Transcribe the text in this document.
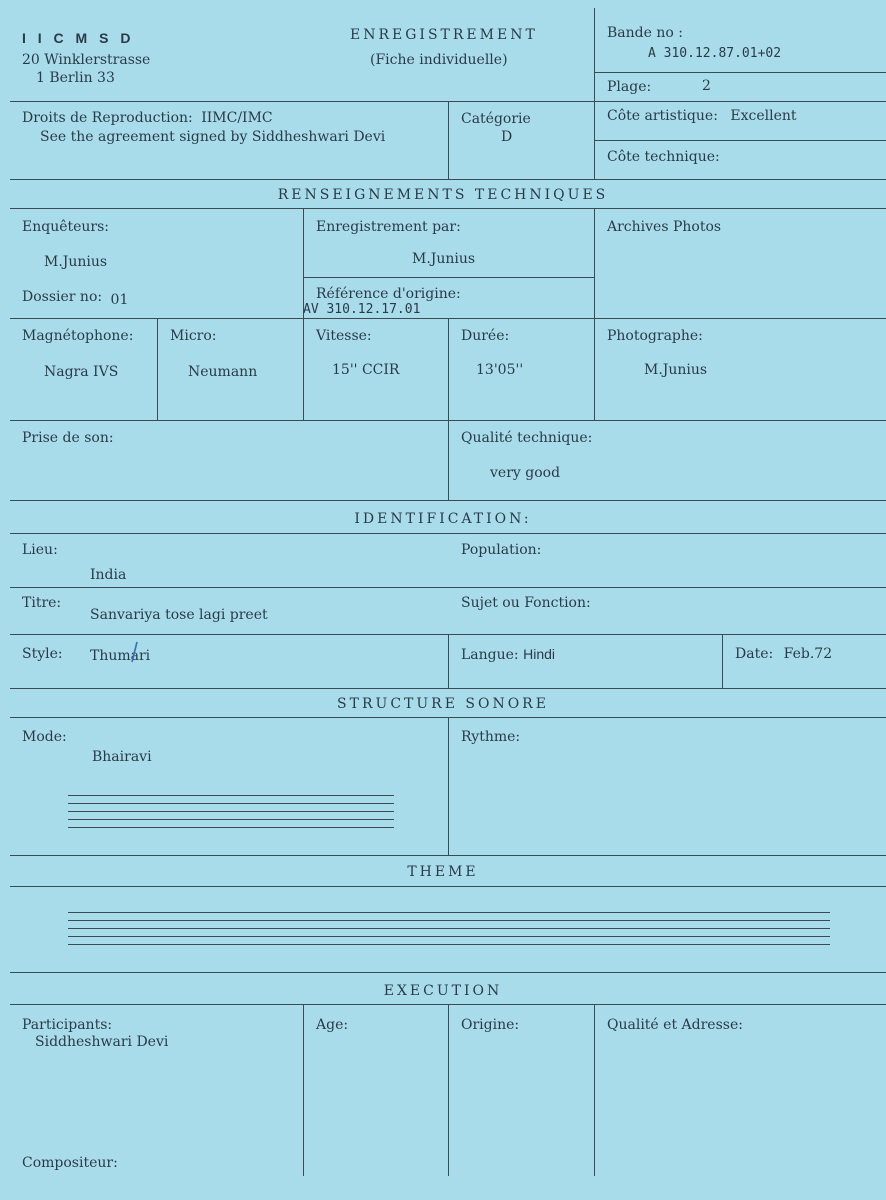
I I C M S D
20 Winklerstrasse
1 Berlin 33
ENREGISTREMENT
(Fiche individuelle)
Bande no :
A 310.12.87.01+02
Plage:	2
Droits de Reproduction: IIMC/IMC
See the agreement signed by Siddheshwari Devi
Catégorie
D
Côte artistique: Excellent
Côte technique:
RENSEIGNEMENTS TECHNIQUES
Enquêteurs:
M.Junius
Dossier no: 01
Enregistrement par:
M.Junius
Référence d'origine:
AV 310.12.17.01
Archives Photos
Magnétophone:
Nagra IVS
Micro:
Neumann
Vitesse:
15'' CCIR
Durée:
13'05''
Photographe:
M.Junius
Prise de son:	Qualité technique:
very good
IDENTIFICATION:
Lieu:
India
Population:
Titre:
Sanvariya tose lagi preet
Sujet ou Fonction:
Style: Thumari	Langue: Hindi	Date: Feb.72
STRUCTURE SONORE
Mode:
Bhairavi
Rythme:
THEME
EXECUTION
Participants:
Siddheshwari Devi
Compositeur:
Age:	Origine:	Qualité et Adresse:
